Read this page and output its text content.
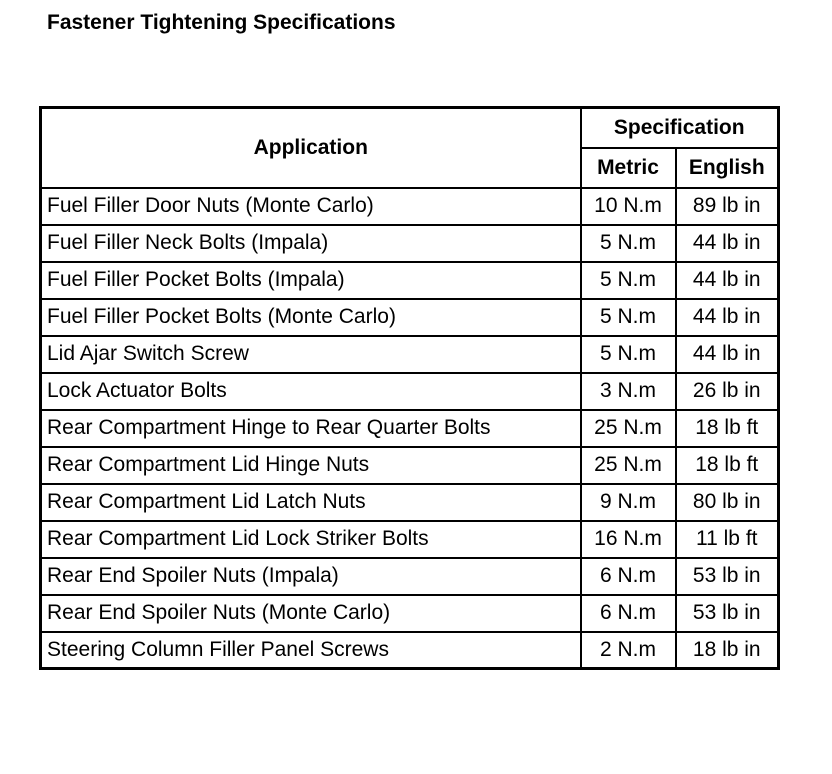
Fastener Tightening Specifications
Application	Specification	
	Metric	English
Fuel Filler Door Nuts (Monte Carlo)	10 N.m	89 lb in
Fuel Filler Neck Bolts (Impala)	5 N.m	44 lb in
Fuel Filler Pocket Bolts (Impala)	5 N.m	44 lb in
Fuel Filler Pocket Bolts (Monte Carlo)	5 N.m	44 lb in
Lid Ajar Switch Screw	5 N.m	44 lb in
Lock Actuator Bolts	3 N.m	26 lb in
Rear Compartment Hinge to Rear Quarter Bolts	25 N.m	18 lb ft
Rear Compartment Lid Hinge Nuts	25 N.m	18 lb ft
Rear Compartment Lid Latch Nuts	9 N.m	80 lb in
Rear Compartment Lid Lock Striker Bolts	16 N.m	11 lb ft
Rear End Spoiler Nuts (Impala)	6 N.m	53 lb in
Rear End Spoiler Nuts (Monte Carlo)	6 N.m	53 lb in
Steering Column Filler Panel Screws	2 N.m	18 lb in
